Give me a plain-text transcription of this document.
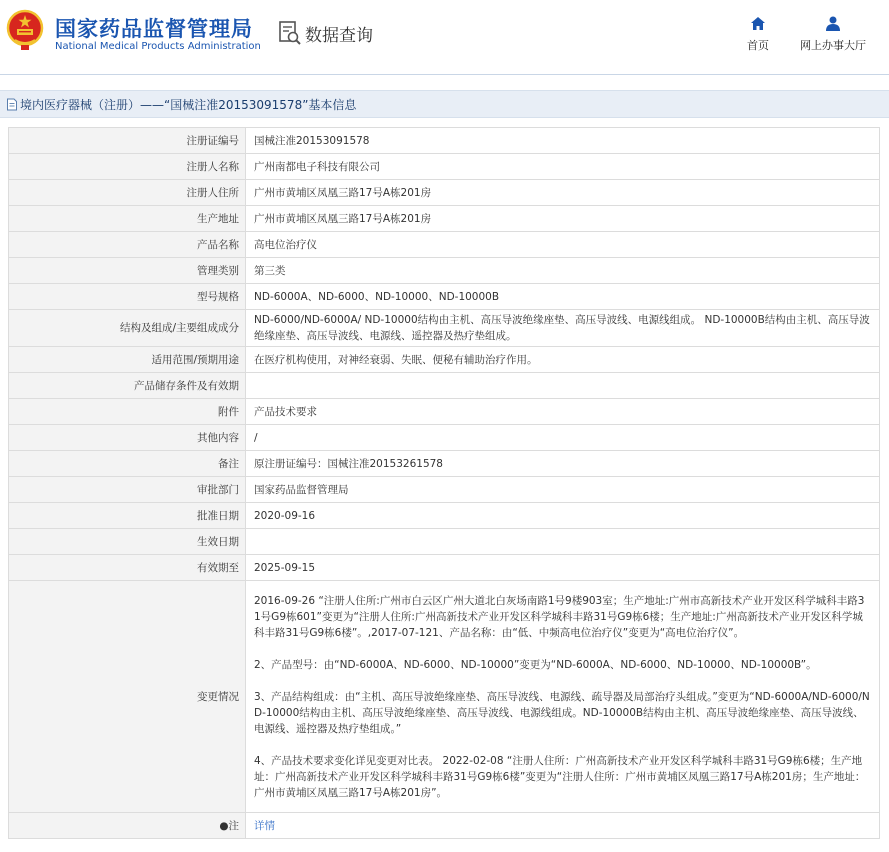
国家药品监督管理局
National Medical Products Administration
数据查询	首页	网上办事大厅
境内医疗器械（注册）——“国械注准20153091578”基本信息
注册证编号	国械注准20153091578
注册人名称	广州南都电子科技有限公司
注册人住所	广州市黄埔区凤凰三路17号A栋201房
生产地址	广州市黄埔区凤凰三路17号A栋201房
产品名称	高电位治疗仪
管理类别	第三类
型号规格	ND-6000A、ND-6000、ND-10000、ND-10000B
结构及组成/主要组成成分	ND-6000/ND-6000A/ ND-10000结构由主机、高压导波绝缘座垫、高压导波线、电源线组成。 ND-10000B结构由主机、高压导波绝缘座垫、高压导波线、电源线、遥控器及热疗垫组成。
适用范围/预期用途	在医疗机构使用，对神经衰弱、失眠、便秘有辅助治疗作用。
产品储存条件及有效期	
附件	产品技术要求
其他内容	/
备注	原注册证编号：国械注准20153261578
审批部门	国家药品监督管理局
批准日期	2020-09-16
生效日期	
有效期至	2025-09-15
变更情况	2016-09-26 “注册人住所:广州市白云区广州大道北白灰场南路1号9楼903室；生产地址:广州市高新技术产业开发区科学城科丰路31号G9栋601”变更为“注册人住所:广州高新技术产业开发区科学城科丰路31号G9栋6楼；生产地址:广州高新技术产业开发区科学城科丰路31号G9栋6楼”。,2017-07-121、产品名称：由“低、中频高电位治疗仪”变更为“高电位治疗仪”。
2、产品型号：由“ND-6000A、ND-6000、ND-10000”变更为“ND-6000A、ND-6000、ND-10000、ND-10000B”。
3、产品结构组成：由“主机、高压导波绝缘座垫、高压导波线、电源线、疏导器及局部治疗头组成。”变更为“ND-6000A/ND-6000/ND-10000结构由主机、高压导波绝缘座垫、高压导波线、电源线组成。ND-10000B结构由主机、高压导波绝缘座垫、高压导波线、电源线、遥控器及热疗垫组成。”
4、产品技术要求变化详见变更对比表。 2022-02-08 “注册人住所：广州高新技术产业开发区科学城科丰路31号G9栋6楼；生产地址：广州高新技术产业开发区科学城科丰路31号G9栋6楼”变更为“注册人住所：广州市黄埔区凤凰三路17号A栋201房；生产地址：广州市黄埔区凤凰三路17号A栋201房”。

●注	详情
